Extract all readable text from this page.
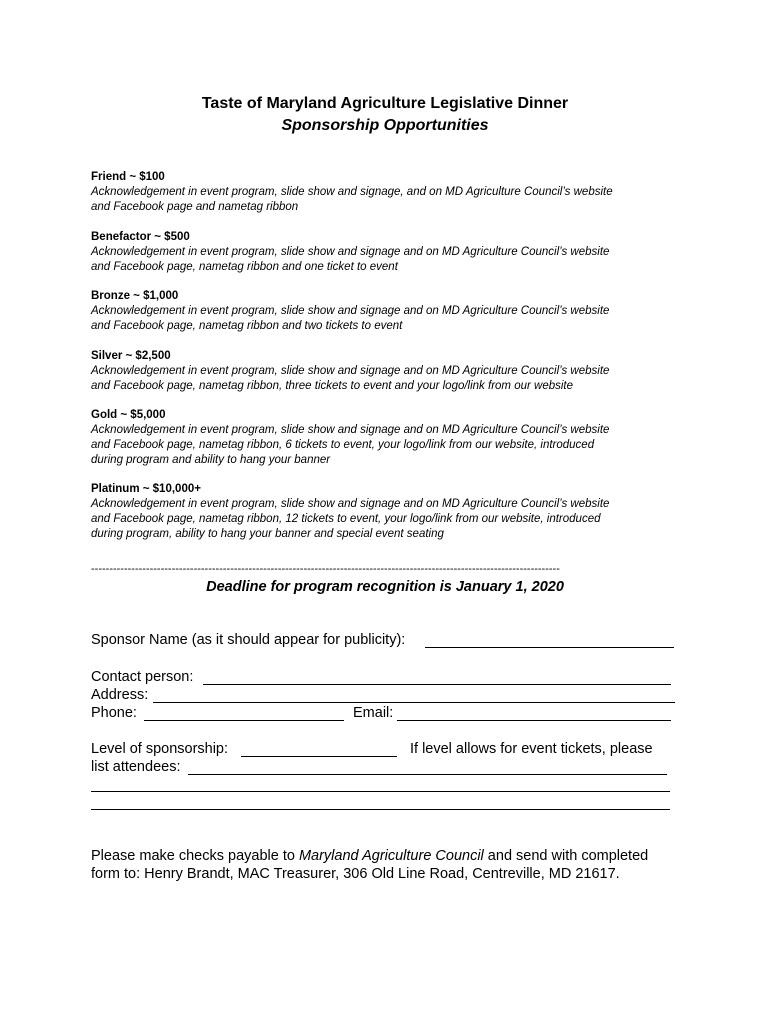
Taste of Maryland Agriculture Legislative Dinner
Sponsorship Opportunities

Friend ~ $100

Acknowledgement in event program, slide show and signage, and on MD Agriculture Council’s website

and Facebook page and nametag ribbon

Benefactor ~ $500

Acknowledgement in event program, slide show and signage and on MD Agriculture Council’s website

and Facebook page, nametag ribbon and one ticket to event

Bronze ~ $1,000

Acknowledgement in event program, slide show and signage and on MD Agriculture Council’s website

and Facebook page, nametag ribbon and two tickets to event

Silver ~ $2,500

Acknowledgement in event program, slide show and signage and on MD Agriculture Council’s website

and Facebook page, nametag ribbon, three tickets to event and your logo/link from our website

Gold ~ $5,000

Acknowledgement in event program, slide show and signage and on MD Agriculture Council’s website

and Facebook page, nametag ribbon, 6 tickets to event, your logo/link from our website, introduced

during program and ability to hang your banner

Platinum ~ $10,000+

Acknowledgement in event program, slide show and signage and on MD Agriculture Council’s website

and Facebook page, nametag ribbon, 12 tickets to event, your logo/link from our website, introduced

during program, ability to hang your banner and special event seating

--------------------------------------------------------------------------------------------------------------------------------
Deadline for program recognition is January 1, 2020
Sponsor Name (as it should appear for publicity):
Contact person:
Address:
Phone:	Email:
Level of sponsorship:	If level allows for event tickets, please
list attendees:
Please make checks payable to Maryland Agriculture Council and send with completed
form to: Henry Brandt, MAC Treasurer, 306 Old Line Road, Centreville, MD 21617.
